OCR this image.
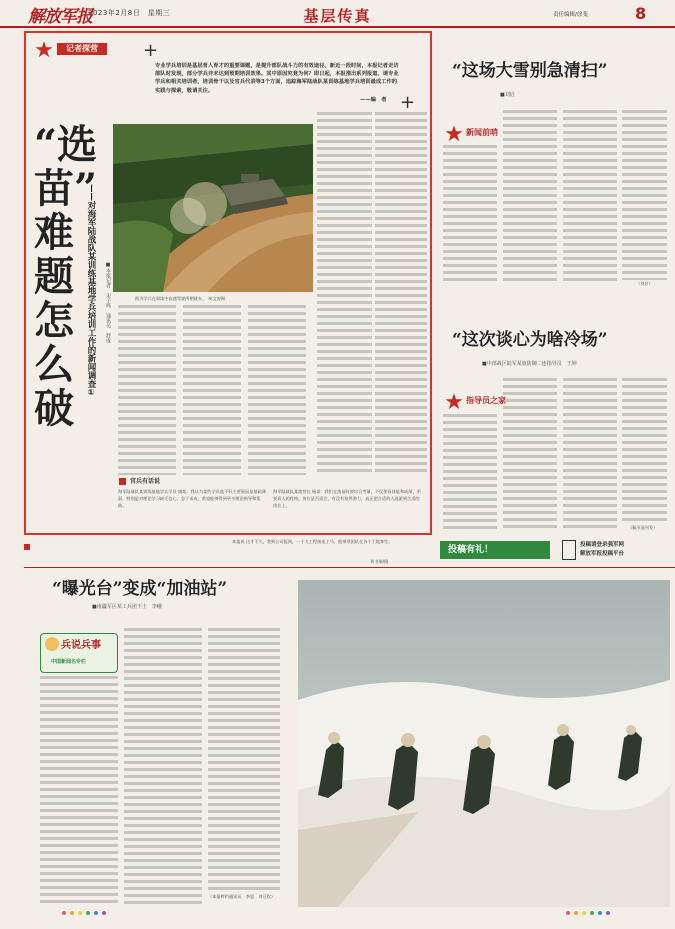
解放军报
2023年2月8日　星期三	基层传真	责任编辑/徐斐	8
★	记者探营	+
+
专业学兵培训是基层育人育才的重要课题，是提升部队战斗力的有效途径。新近一段时间，本报记者走访部队时发现，部分学兵并未达到预期培训效果。其中原因究竟为何？即日起，本报推出系列报道，请专业学兵和相关培训者，培训骨干以及官兵代表等3个方面，追踪海军陆战队某训练基地学兵培训最成工作的实践与探索，敬请关注。
——编　者
“选
苗”
难
题
怎
么
破
——对海军陆战队某训练基地学兵培训工作的新闻调查① ■本报记者　宋子鸣　通讯员　舒成	图为学兵在训练中高速驾驶两栖战车。　胡文涛摄
官兵有话说
海军陆战队某训练基地学兵学员 康某：我认为某些学员选不好主要原因是基础薄弱，特别是对理论学习缺乏信心，急于求成，希望能够得到更多理论指导和帮助。
海军陆战队某旅营长 杨某：我们在选苗时要综合考量，不仅要看体能和成绩，更要看人的性格，岗位是否适合，有没有培养潜力，真正把合适的人选派到合适的岗位上。
“这场大雪别急清扫”
■刘启
★ 新闻前哨
（刘启）
“这次谈心为啥冷场”
■中部战区陆军某旅防御二连指导员　王婷
★ 指导员之家
（稿节选刊发）
本报讯 这才不久，我到公司报到，一个大工程接连上马，他带领团队在各个工地奔忙。
刘书瑞/摄
投稿有礼！	投稿请登录强军网
解放军报投稿平台
“曝光台”变成“加油站”
■南疆军区某工兵团下士　李峨
兵说兵事
中国新闻名专栏
（本报特约通讯员　李恩　刘豆钦）
